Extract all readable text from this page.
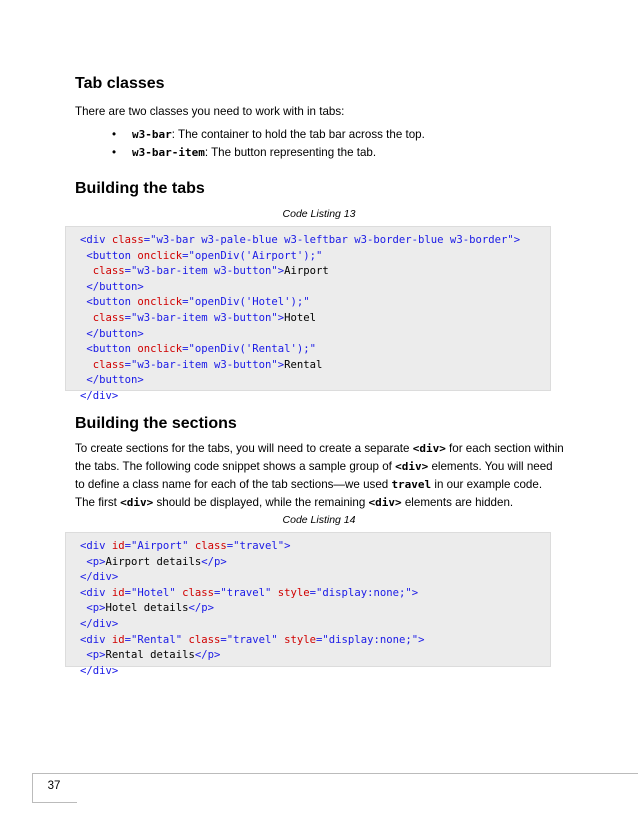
Tab classes

There are two classes you need to work with in tabs:

• w3-bar: The container to hold the tab bar across the top.
• w3-bar-item: The button representing the tab.
Building the tabs
Code Listing 13
<div class="w3-bar w3-pale-blue w3-leftbar w3-border-blue w3-border">
<button onclick="openDiv('Airport');"
class="w3-bar-item w3-button">Airport
</button>
<button onclick="openDiv('Hotel');"
class="w3-bar-item w3-button">Hotel
</button>
<button onclick="openDiv('Rental');"
class="w3-bar-item w3-button">Rental
</button>
</div>
Building the sections

To create sections for the tabs, you will need to create a separate <div> for each section within the tabs. The following code snippet shows a sample group of <div> elements. You will need to define a class name for each of the tab sections—we used travel in our example code. The first <div> should be displayed, while the remaining <div> elements are hidden.

Code Listing 14
<div id="Airport" class="travel">
<p>Airport details</p>
</div>
<div id="Hotel" class="travel" style="display:none;">
<p>Hotel details</p>
</div>
<div id="Rental" class="travel" style="display:none;">
<p>Rental details</p>
</div>
37
